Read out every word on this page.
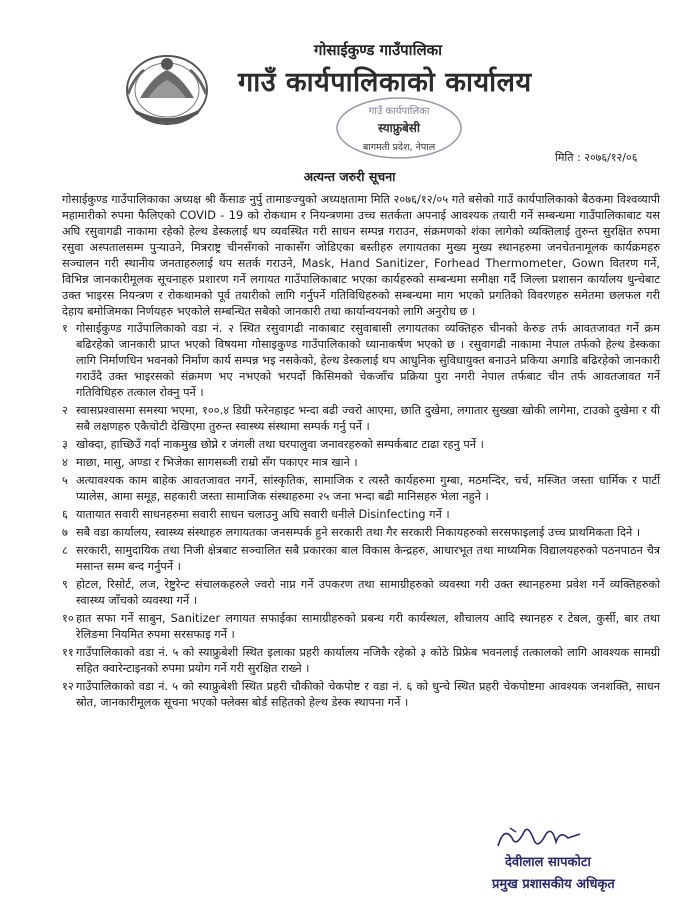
गोसाईकुण्ड गाउँपालिका
गाउँ कार्यपालिकाको कार्यालय
गाउँ कार्यपालिका
स्याफ्रुबेसी
बागमती प्रदेश, नेपाल
मिति : २०७६/१२/०६
अत्यन्त जरुरी सूचना

गोसाईकुण्ड गाउँपालिकाका अध्यक्ष श्री कैंसाङ नुर्पु तामाङज्युको अध्यक्षतामा मिति २०७६/१२/०५ गते बसेको गाउँ कार्यपालिकाको बैठकमा विश्वव्यापी महामारीको रुपमा फैलिएको COVID - 19 को रोकथाम र नियन्त्रणमा उच्च सतर्कता अपनाई आवश्यक तयारी गर्ने सम्बन्धमा गाउँपालिकाबाट यस अघि रसुवागढी नाकामा रहेको हेल्थ डेस्कलाई थप व्यवस्थित गरी साधन सम्पन्न गराउन, संक्रमणको शंका लागेको व्यक्तिलाई तुरुन्त सुरक्षित रुपमा रसुवा अस्पतालसम्म पुऱ्याउने, मित्रराष्ट्र चीनसँगको नाकासँग जोडिएका बस्तीहरु लगायतका मुख्य मुख्य स्थानहरुमा जनचेतनामूलक कार्यक्रमहरु सञ्चालन गरी स्थानीय जनताहरुलाई थप सतर्क गराउने, Mask, Hand Sanitizer, Forhead Thermometer, Gown वितरण गर्ने, विभिन्न जानकारीमूलक सूचनाहरु प्रशारण गर्ने लगायत गाउँपालिकाबाट भएका कार्यहरुको सम्बन्धमा समीक्षा गर्दै जिल्ला प्रशासन कार्यालय धुन्चेबाट उक्त भाइरस नियन्त्रण र रोकथामको पूर्व तयारीको लागि गर्नुपर्ने गतिविधिहरुको सम्बन्धमा माग भएको प्रगतिको विवरणहरु समेतमा छलफल गरी देहाय बमोजिमका निर्णयहरु भएकोले सम्बन्धित सबैको जानकारी तथा कार्यान्वयनको लागि अनुरोध छ ।

१ गोसाईकुण्ड गाउँपालिकाको वडा नं. २ स्थित रसुवागढी नाकाबाट रसुवाबासी लगायतका व्यक्तिहरु चीनको केरुङ तर्फ आवतजावत गर्ने क्रम बढिरहेको जानकारी प्राप्त भएको विषयमा गोसाइकुण्ड गाउँपालिकाको ध्यानाकर्षण भएको छ । रसुवागढी नाकामा नेपाल तर्फको हेल्थ डेस्कका लागि निर्माणधिन भवनको निर्माण कार्य सम्पन्न भइ नसकेको, हेल्थ डेस्कलाई थप आधुनिक सुविधायुक्त बनाउने प्रकिया अगाडि बढिरहेको जानकारी गराउँदै उक्त भाइरसको संक्रमण भए नभएको भरपर्दो किसिमको चेकजाँच प्रक्रिया पुरा नगरी नेपाल तर्फबाट चीन तर्फ आवतजावत गर्ने गतिविधिहरु तत्काल रोक्नु पर्ने ।
२ स्वासप्रश्वासमा समस्या भएमा, १००.४ डिग्री फरेनहाइट भन्दा बढी ज्वरो आएमा, छाति दुखेमा, लगातार सुख्खा खोकी लागेमा, टाउको दुखेमा र यी सबै लक्षणहरु एकैचोटी देखिएमा तुरुन्त स्वास्थ्य संस्थामा सम्पर्क गर्नु पर्ने ।
३ खोक्दा, हाच्छिउँ गर्दा नाकमुख छोप्ने र जंगली तथा घरपालुवा जनावरहरुको सम्पर्कबाट टाढा रहनु पर्ने ।
४ माछा, मासु, अण्डा र भिजेका सागसब्जी राम्रो सँग पकाएर मात्र खाने ।
५ अत्यावश्यक काम बाहेक आवतजावत नगर्ने, सांस्कृतिक, सामाजिक र त्यस्तै कार्यहरुमा गुम्बा, मठमन्दिर, चर्च, मस्जित जस्ता धार्मिक र पार्टी प्यालेस, आमा समूह, सहकारी जस्ता सामाजिक संस्थाहरुमा २५ जना भन्दा बढी मानिसहरु भेला नहुने ।
६ यातायात सवारी साधनहरुमा सवारी साधन चलाउनु अघि सवारी धनीले Disinfecting गर्ने ।
७ सबै वडा कार्यालय, स्वास्थ्य संस्थाहरु लगायतका जनसम्पर्क हुने सरकारी तथा गैर सरकारी निकायहरुको सरसफाइलाई उच्च प्राथमिकता दिने ।
८ सरकारी, सामुदायिक तथा निजी क्षेत्रबाट सञ्चालित सबै प्रकारका बाल विकास केन्द्रहरु, आधारभूत तथा माध्यमिक विद्यालयहरुको पठनपाठन चैत्र मसान्त सम्म बन्द गर्नुपर्ने ।
९ होटल, रिसोर्ट, लज, रेष्टुरेन्ट संचालकहरुले ज्वरो नाप्न गर्ने उपकरण तथा सामाग्रीहरुको व्यवस्था गरी उक्त स्थानहरुमा प्रवेश गर्ने व्यक्तिहरुको स्वास्थ्य जाँचको व्यवस्था गर्ने ।
१० हात सफा गर्ने साबुन, Sanitizer लगायत सफाईका सामाग्रीहरुको प्रबन्ध गरी कार्यस्थल, शौचालय आदि स्थानहरु र टेबल, कुर्सी, बार तथा रेलिङमा नियमित रुपमा सरसफाइ गर्ने ।
११ गाउँपालिकाको वडा नं. ५ को स्याफ्रुबेशी स्थित इलाका प्रहरी कार्यालय नजिकै रहेको ३ कोठे प्रिफ्रेब भवनलाई तत्कालको लागि आवश्यक सामग्री सहित क्वारेन्टाइनको रुपमा प्रयोग गर्ने गरी सुरक्षित राख्ने ।
१२ गाउँपालिकाको वडा नं. ५ को स्याफ्रुबेशी स्थित प्रहरी चौकीको चेकपोष्ट र वडा नं. ६ को धुन्चे स्थित प्रहरी चेकपोष्टमा आवश्यक जनशक्ति, साधन स्रोत, जानकारीमूलक सूचना भएको फ्लेक्स बोर्ड सहितको हेल्थ डेस्क स्थापना गर्ने ।
देवीलाल सापकोटा
प्रमुख प्रशासकीय अधिकृत
